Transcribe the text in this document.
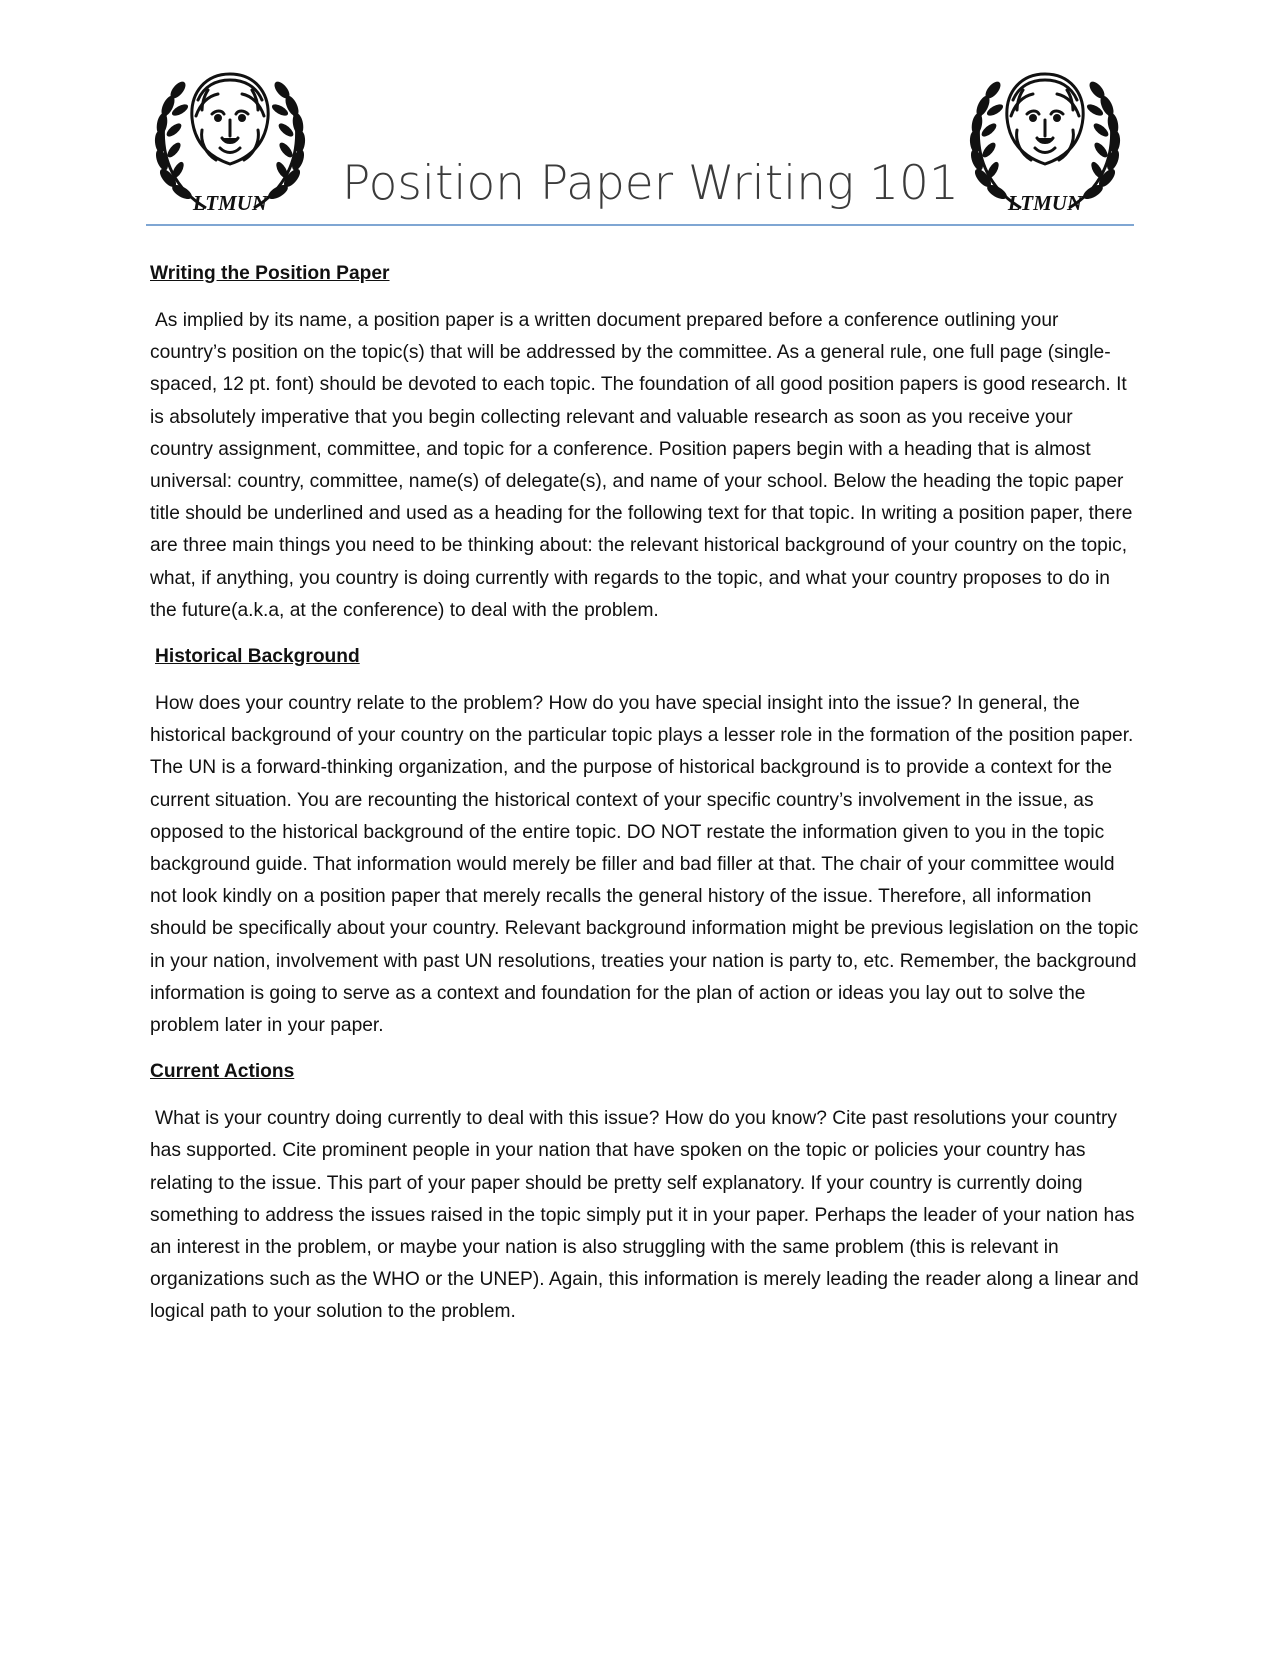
LTMUN Position Paper Writing 101 LTMUN
Writing the Position Paper

As implied by its name, a position paper is a written document prepared before a conference outlining your country’s position on the topic(s) that will be addressed by the committee. As a general rule, one full page (single-spaced, 12 pt. font) should be devoted to each topic. The foundation of all good position papers is good research. It is absolutely imperative that you begin collecting relevant and valuable research as soon as you receive your country assignment, committee, and topic for a conference. Position papers begin with a heading that is almost universal: country, committee, name(s) of delegate(s), and name of your school. Below the heading the topic paper title should be underlined and used as a heading for the following text for that topic. In writing a position paper, there are three main things you need to be thinking about: the relevant historical background of your country on the topic, what, if anything, you country is doing currently with regards to the topic, and what your country proposes to do in the future(a.k.a, at the conference) to deal with the problem.

Historical Background

How does your country relate to the problem? How do you have special insight into the issue? In general, the historical background of your country on the particular topic plays a lesser role in the formation of the position paper. The UN is a forward-thinking organization, and the purpose of historical background is to provide a context for the current situation. You are recounting the historical context of your specific country’s involvement in the issue, as opposed to the historical background of the entire topic. DO NOT restate the information given to you in the topic background guide. That information would merely be filler and bad filler at that. The chair of your committee would not look kindly on a position paper that merely recalls the general history of the issue. Therefore, all information should be specifically about your country. Relevant background information might be previous legislation on the topic in your nation, involvement with past UN resolutions, treaties your nation is party to, etc. Remember, the background information is going to serve as a context and foundation for the plan of action or ideas you lay out to solve the problem later in your paper.

Current Actions

What is your country doing currently to deal with this issue? How do you know? Cite past resolutions your country has supported. Cite prominent people in your nation that have spoken on the topic or policies your country has relating to the issue. This part of your paper should be pretty self explanatory. If your country is currently doing something to address the issues raised in the topic simply put it in your paper. Perhaps the leader of your nation has an interest in the problem, or maybe your nation is also struggling with the same problem (this is relevant in organizations such as the WHO or the UNEP). Again, this information is merely leading the reader along a linear and logical path to your solution to the problem.
